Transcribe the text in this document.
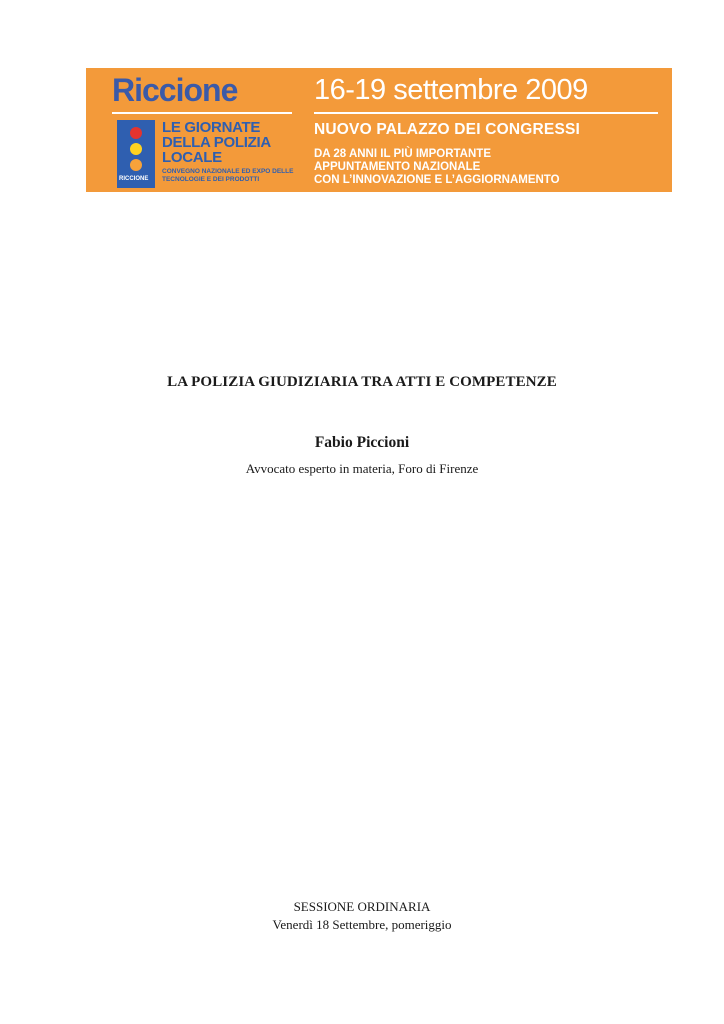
Riccione
RICCIONE
LE GIORNATE DELLA POLIZIA LOCALE
CONVEGNO NAZIONALE ED EXPO DELLE TECNOLOGIE E DEI PRODOTTI
16-19 settembre 2009
NUOVO PALAZZO DEI CONGRESSI
DA 28 ANNI IL PIÙ IMPORTANTE
APPUNTAMENTO NAZIONALE
CON L’INNOVAZIONE E L’AGGIORNAMENTO
LA POLIZIA GIUDIZIARIA TRA ATTI E COMPETENZE
Fabio Piccioni
Avvocato esperto in materia, Foro di Firenze
SESSIONE ORDINARIA
Venerdì 18 Settembre, pomeriggio
